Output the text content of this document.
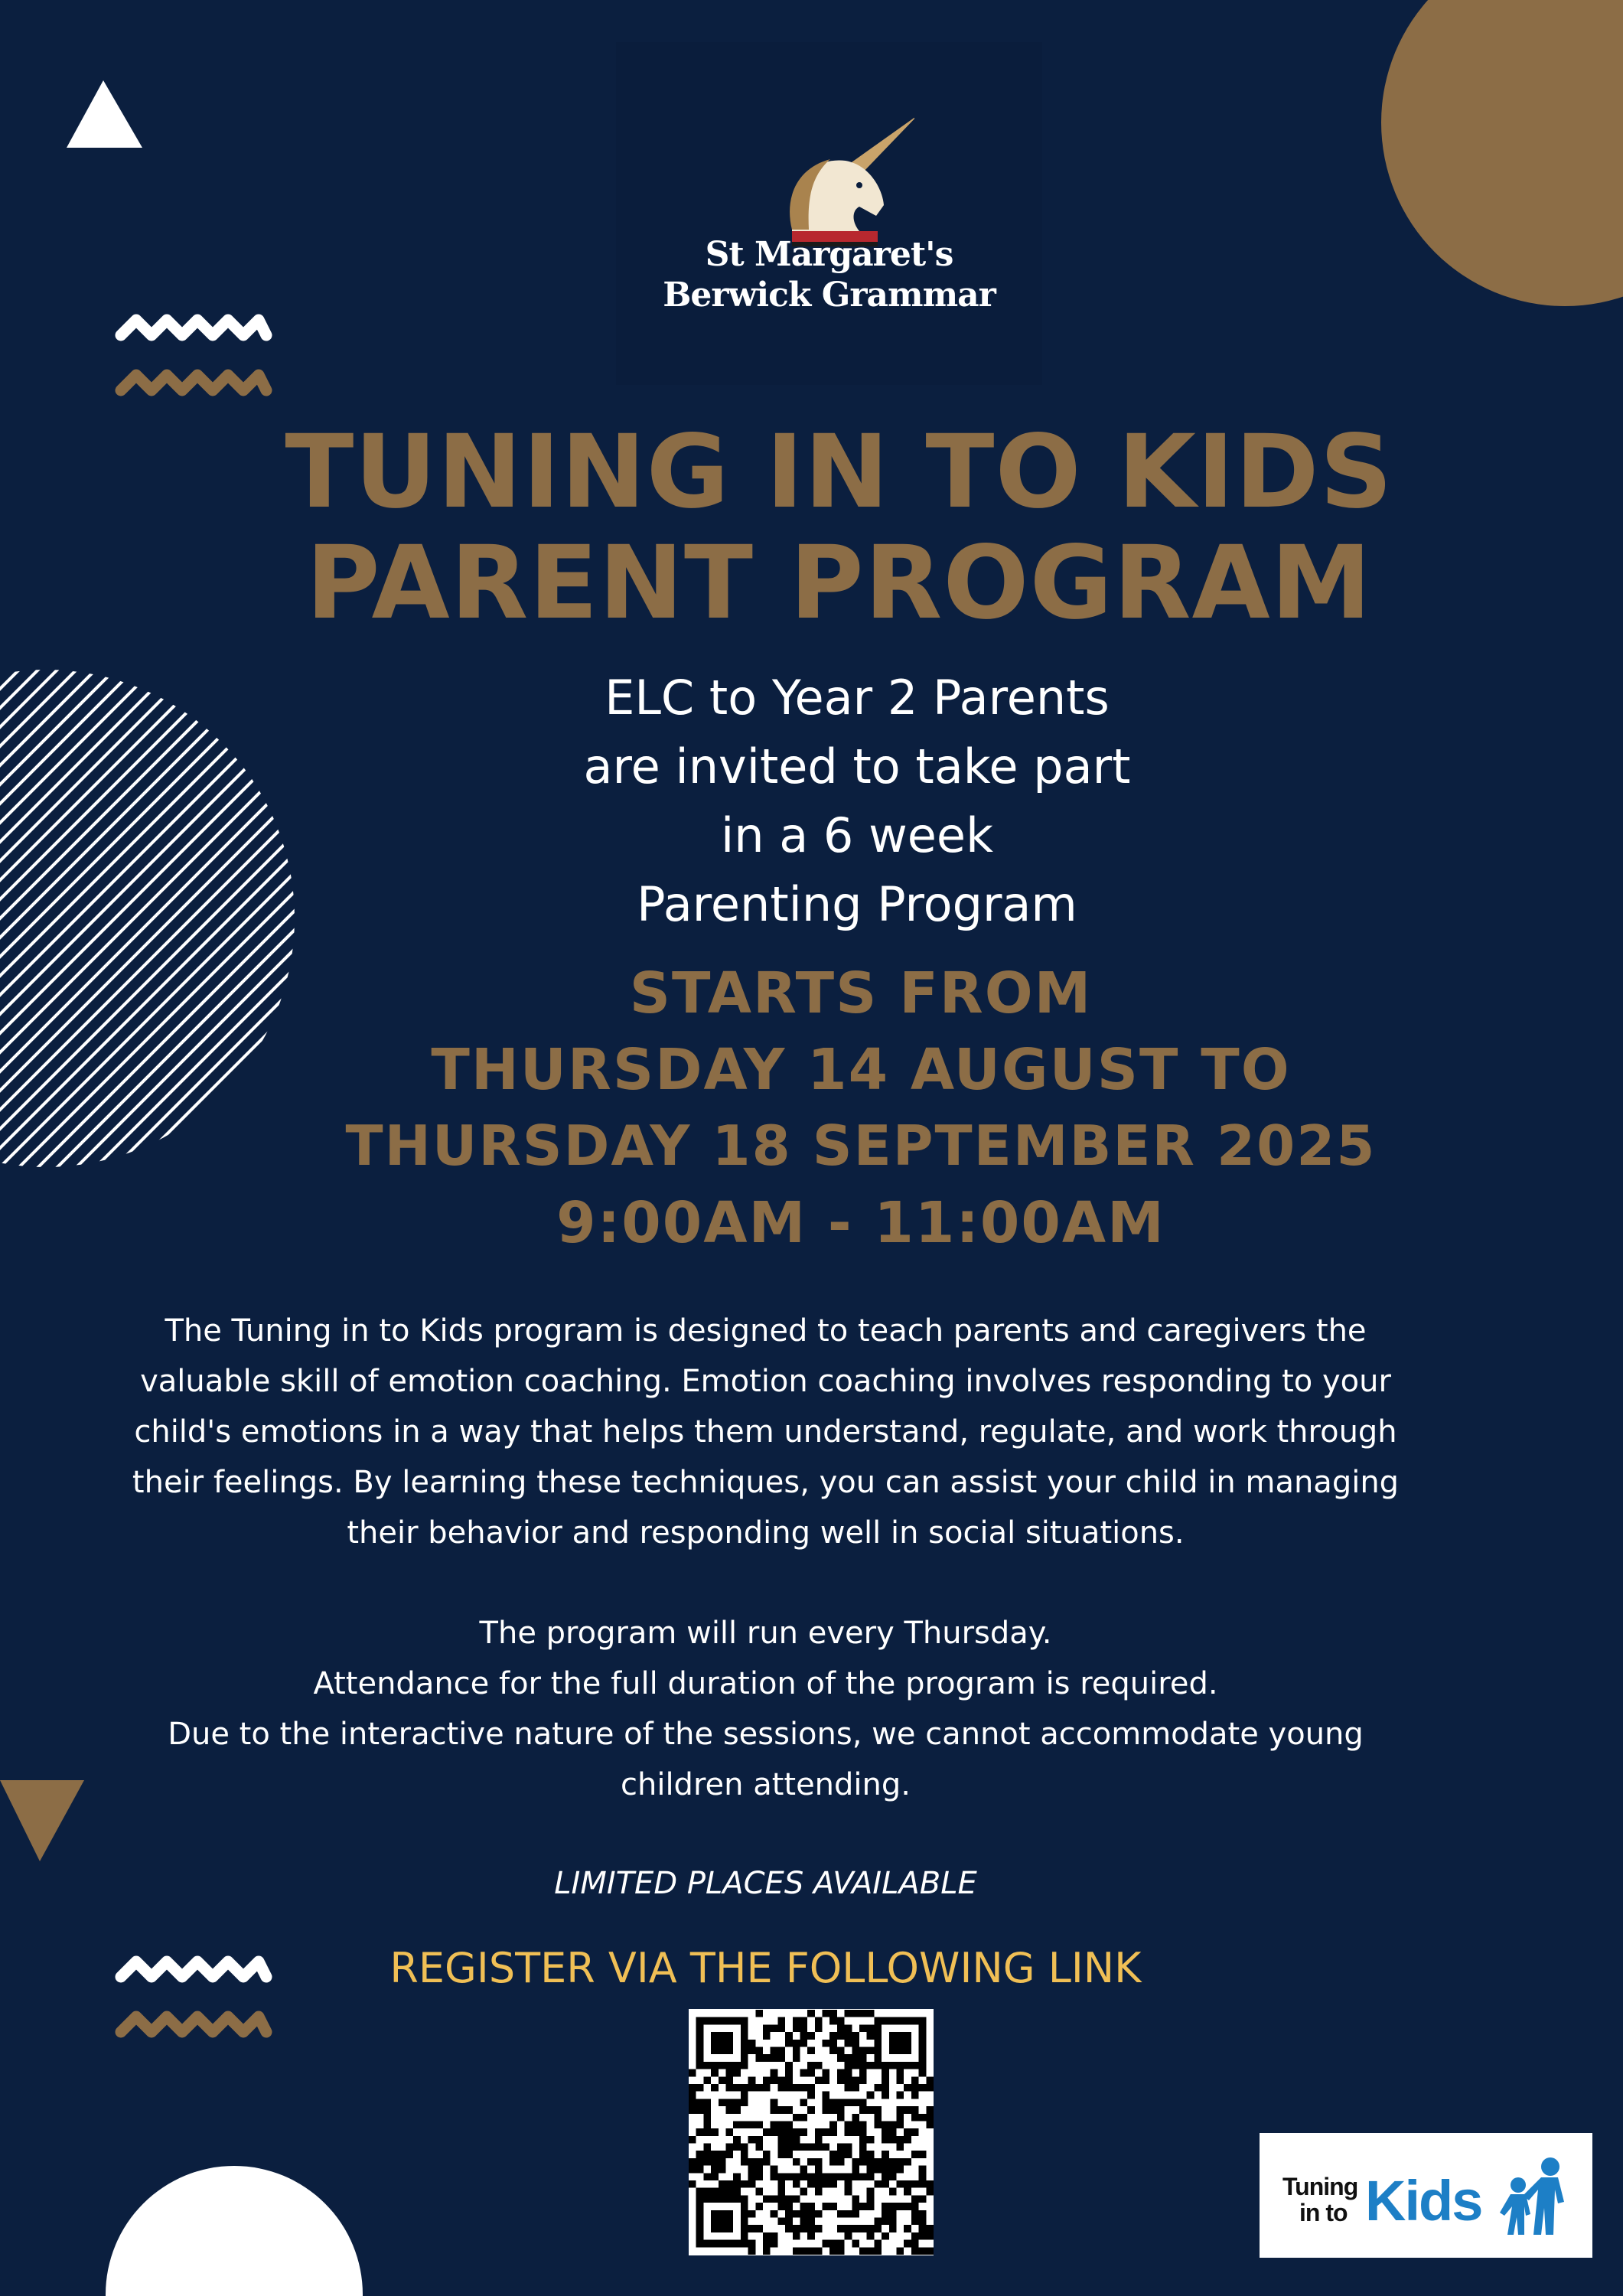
St Margaret's
Berwick Grammar
TUNING IN TO KIDS
PARENT PROGRAM
ELC to Year 2 Parents
are invited to take part
in a 6 week
Parenting Program
STARTS FROM
THURSDAY 14 AUGUST TO
THURSDAY 18 SEPTEMBER 2025
9:00AM - 11:00AM
The Tuning in to Kids program is designed to teach parents and caregivers the
valuable skill of emotion coaching. Emotion coaching involves responding to your
child's emotions in a way that helps them understand, regulate, and work through
their feelings. By learning these techniques, you can assist your child in managing
their behavior and responding well in social situations.
The program will run every Thursday.
Attendance for the full duration of the program is required.
Due to the interactive nature of the sessions, we cannot accommodate young
children attending.
LIMITED PLACES AVAILABLE
REGISTER VIA THE FOLLOWING LINK
Tuning
in to Kids
